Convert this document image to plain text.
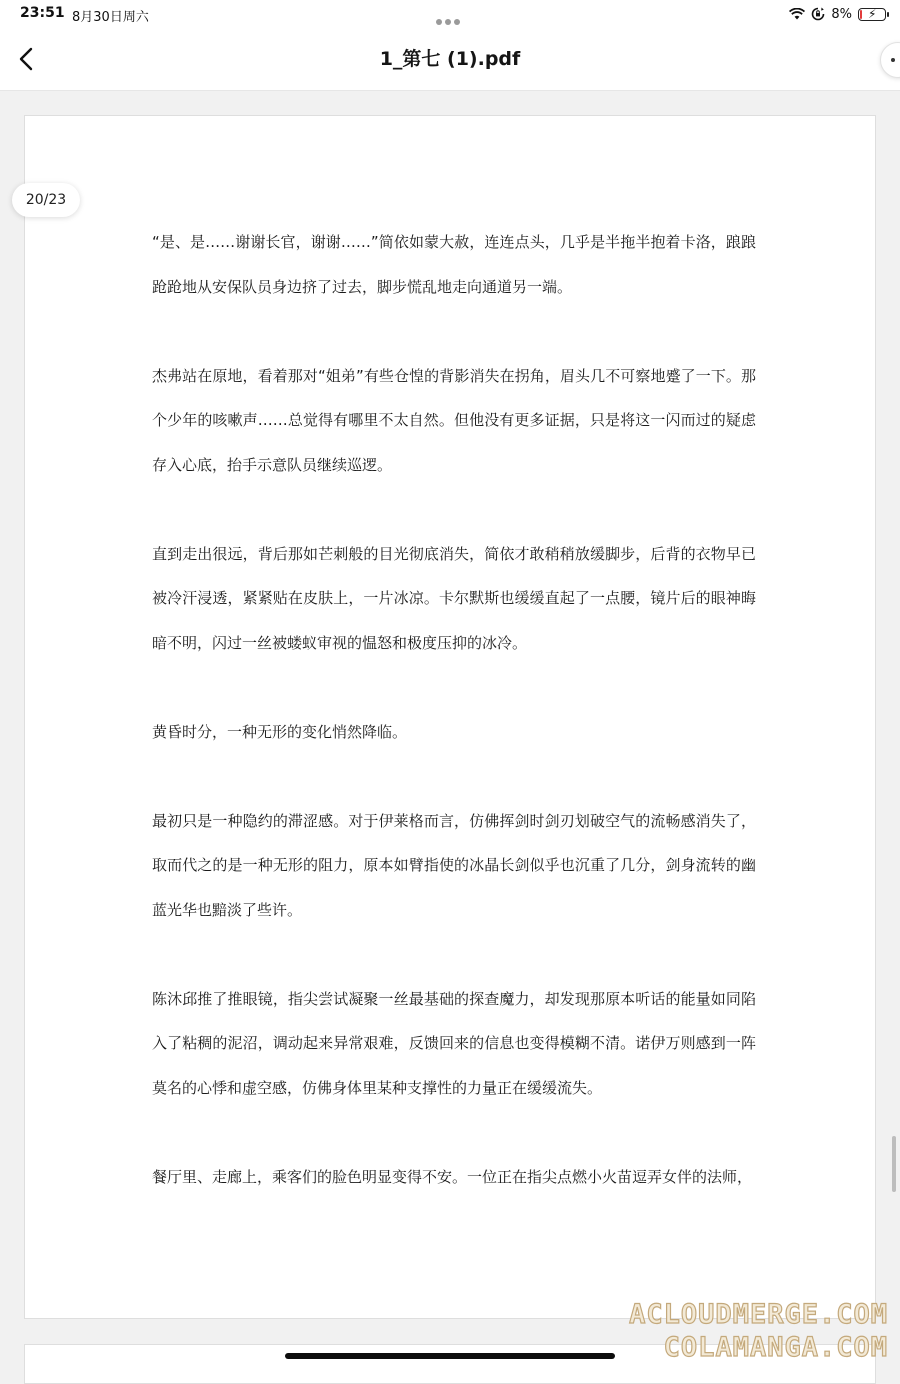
23:51 8月30日周六	8% ⚡
1_第七 (1).pdf
20/23

“是、是……谢谢长官，谢谢……”简依如蒙大赦，连连点头，几乎是半拖半抱着卡洛，踉踉跄跄地从安保队员身边挤了过去，脚步慌乱地走向通道另一端。

杰弗站在原地，看着那对“姐弟”有些仓惶的背影消失在拐角，眉头几不可察地蹙了一下。那个少年的咳嗽声……总觉得有哪里不太自然。但他没有更多证据，只是将这一闪而过的疑虑存入心底，抬手示意队员继续巡逻。

直到走出很远，背后那如芒刺般的目光彻底消失，简依才敢稍稍放缓脚步，后背的衣物早已被冷汗浸透，紧紧贴在皮肤上，一片冰凉。卡尔默斯也缓缓直起了一点腰，镜片后的眼神晦暗不明，闪过一丝被蝼蚁审视的愠怒和极度压抑的冰冷。

黄昏时分，一种无形的变化悄然降临。

最初只是一种隐约的滞涩感。对于伊莱格而言，仿佛挥剑时剑刃划破空气的流畅感消失了，取而代之的是一种无形的阻力，原本如臂指使的冰晶长剑似乎也沉重了几分，剑身流转的幽蓝光华也黯淡了些许。

陈沐邱推了推眼镜，指尖尝试凝聚一丝最基础的探查魔力，却发现那原本听话的能量如同陷入了粘稠的泥沼，调动起来异常艰难，反馈回来的信息也变得模糊不清。诺伊万则感到一阵莫名的心悸和虚空感，仿佛身体里某种支撑性的力量正在缓缓流失。

餐厅里、走廊上，乘客们的脸色明显变得不安。一位正在指尖点燃小火苗逗弄女伴的法师，

ACLOUDMERGE.COM
COLAMANGA.COM
